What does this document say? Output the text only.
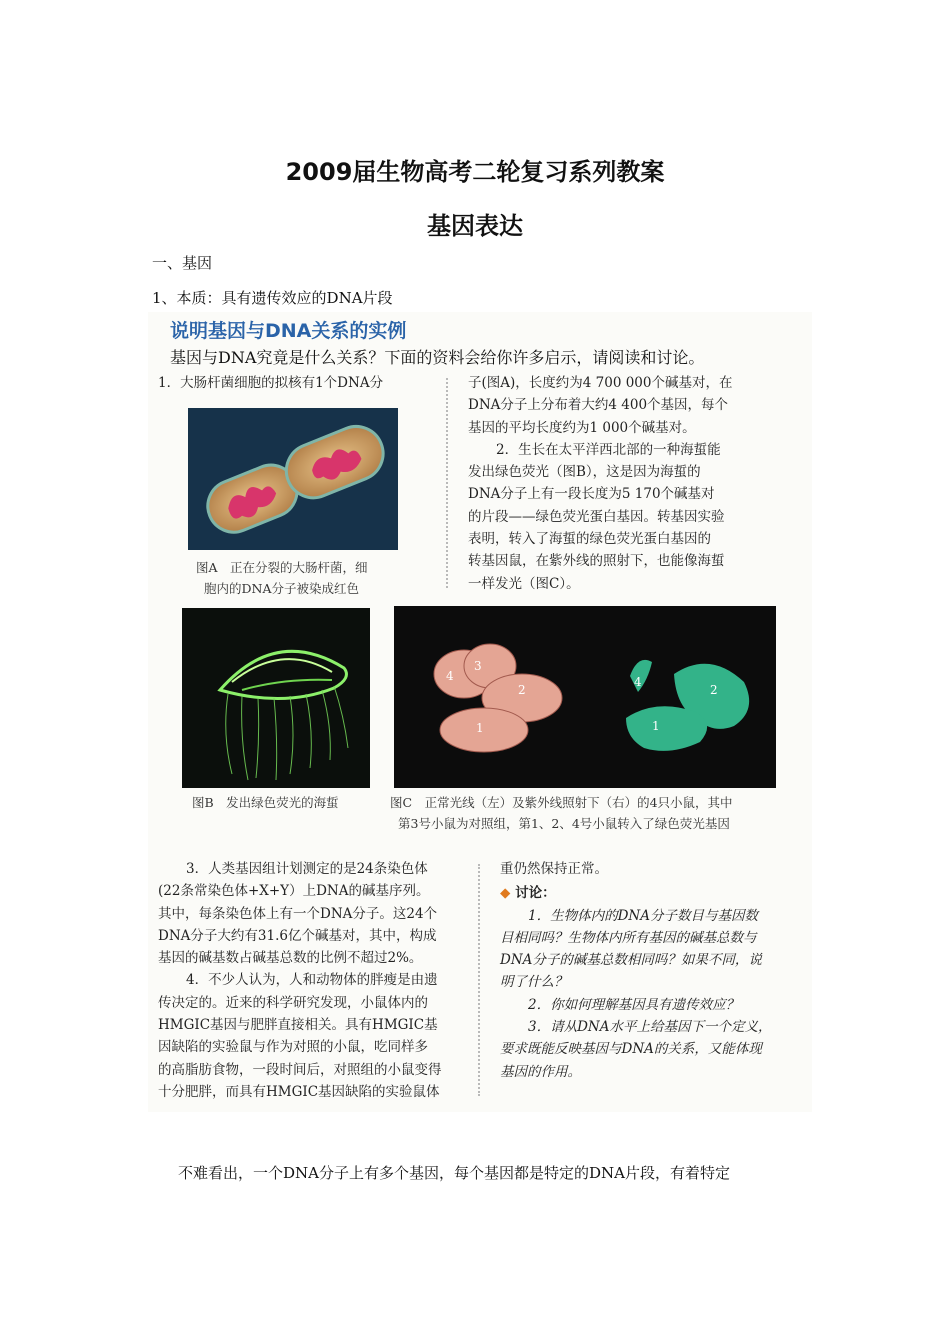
2009届生物高考二轮复习系列教案
基因表达
一、基因
1、本质：具有遗传效应的DNA片段
说明基因与DNA关系的实例
基因与DNA究竟是什么关系？下面的资料会给你许多启示，请阅读和讨论。
1．大肠杆菌细胞的拟核有1个DNA分	子(图A)，长度约为4 700 000个碱基对，在
DNA分子上分布着大约4 400个基因，每个
基因的平均长度约为1 000个碱基对。
2．生长在太平洋西北部的一种海蜇能
发出绿色荧光（图B），这是因为海蜇的
DNA分子上有一段长度为5 170个碱基对
的片段——绿色荧光蛋白基因。转基因实验
表明，转入了海蜇的绿色荧光蛋白基因的
转基因鼠，在紫外线的照射下，也能像海蜇
一样发光（图C）。
图A　正在分裂的大肠杆菌，细
胞内的DNA分子被染成红色
4
3
2
1
4
2
1
图B　发出绿色荧光的海蜇	图C　正常光线（左）及紫外线照射下（右）的4只小鼠，其中
第3号小鼠为对照组，第1、2、4号小鼠转入了绿色荧光基因
3．人类基因组计划测定的是24条染色体
(22条常染色体+X+Y）上DNA的碱基序列。
其中，每条染色体上有一个DNA分子。这24个
DNA分子大约有31.6亿个碱基对，其中，构成
基因的碱基数占碱基总数的比例不超过2%。
4．不少人认为，人和动物体的胖瘦是由遗
传决定的。近来的科学研究发现，小鼠体内的
HMGIC基因与肥胖直接相关。具有HMGIC基
因缺陷的实验鼠与作为对照的小鼠，吃同样多
的高脂肪食物，一段时间后，对照组的小鼠变得
十分肥胖，而具有HMGIC基因缺陷的实验鼠体
重仍然保持正常。
◆ 讨论：
1．生物体内的DNA分子数目与基因数
目相同吗？生物体内所有基因的碱基总数与
DNA分子的碱基总数相同吗？如果不同，说
明了什么？
2．你如何理解基因具有遗传效应？
3．请从DNA水平上给基因下一个定义，
要求既能反映基因与DNA的关系，又能体现
基因的作用。
不难看出，一个DNA分子上有多个基因，每个基因都是特定的DNA片段，有着特定
